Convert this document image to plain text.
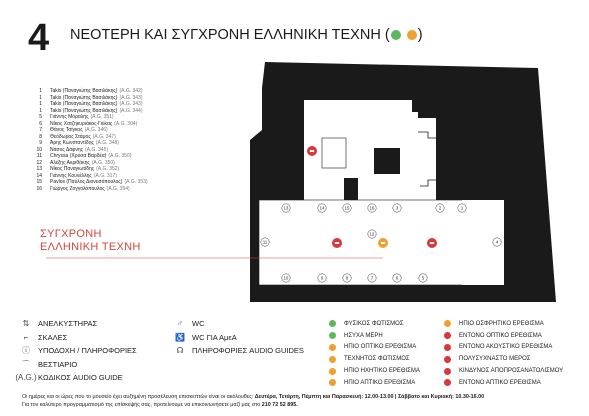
4 ΝΕΟΤΕΡΗ ΚΑΙ ΣΥΓΧΡΟΝΗ ΕΛΛΗΝΙΚΗ ΤΕΧΝΗ ( )
1 Takis (Παναγιώτης Βασιλάκης) (A.G. 342)
1 Takis (Παναγιώτης Βασιλάκης) (A.G. 343)
1 Takis (Παναγιώτης Βασιλάκης) (A.G. 343)
1 Takis (Παναγιώτης Βασιλάκης) (A.G. 344)
5 Γιάννης Μόραλης (A.G. 351)
6 Νίκος Χατζηκυριάκος-Γκίκας (A.G. 304)
7 Θάνος Τσίγκος (A.G. 346)
8 Θεόδωρος Στάμος (A.G. 347)
9 Άρης Κωνσταντίδης (A.G. 348)
10 Νάσος Δάφνης (A.G. 345)
11 Chryssa (Χρύσα Βαρδέα) (A.G. 350)
12 Αλέξης Ακριθάκης (A.G. 350)
13 Νίκος Παναγιωτίδης (A.G. 352)
14 Γιάννης Κουνέλλης (A.G. 317)
15 Pavlos (Παύλος Διονυσόπουλος) (A.G. 353)
16 Γιώργος Ζογγολόπουλος (A.G. 354)
13	14	15	16	3	2	1
10	9	8	7	6	5
11	4
12
ΣΥΓΧΡΟΝΗ
ΕΛΛΗΝΙΚΗ ΤΕΧΝΗ
⇅	ΑΝΕΛΚΥΣΤΗΡΑΣ
⌐	ΣΚΑΛΕΣ
ⓘ	ΥΠΟΔΟΧΗ / ΠΛΗΡΟΦΟΡΙΕΣ
⌒	ΒΕΣΤΙΑΡΙΟ
(A.G.) ΚΩΔΙΚΟΣ AUDIO GUIDE
♂	WC
♿ WC ΓΙΑ ΑμεΑ
☊	ΠΛΗΡΟΦΟΡΙΕΣ AUDIO GUIDES
ΦΥΣΙΚΟΣ ΦΩΤΙΣΜΟΣ
ΗΣΥΧΑ ΜΕΡΗ
ΗΠΙΟ ΟΠΤΙΚΟ ΕΡΕΘΙΣΜΑ
ΤΕΧΝΗΤΟΣ ΦΩΤΙΣΜΟΣ
ΗΠΙΟ ΗΧΗΤΙΚΟ ΕΡΕΘΙΣΜΑ
ΗΠΙΟ ΑΠΤΙΚΟ ΕΡΕΘΙΣΜΑ
ΗΠΙΟ ΟΣΦΡΗΤΙΚΟ ΕΡΕΘΙΣΜΑ
ΕΝΤΟΝΟ ΟΠΤΙΚΟ ΕΡΕΘΙΣΜΑ
ΕΝΤΟΝΟ ΑΚΟΥΣΤΙΚΟ ΕΡΕΘΙΣΜΑ
ΠΟΛΥΣΥΧΝΑΣΤΟ ΜΕΡΟΣ
ΚΙΝΔΥΝΟΣ ΑΠΟΠΡΟΣΑΝΑΤΟΛΙΣΜΟΥ
ΕΝΤΟΝΟ ΑΠΤΙΚΟ ΕΡΕΘΙΣΜΑ
Οι ημέρες και οι ώρες που το μουσείο έχει αυξημένη προσέλευση επισκεπτών είναι οι ακόλουθες: Δευτέρα, Τετάρτη, Πέμπτη και Παρασκευή: 12.00-13.00 | Σάββατο και Κυριακή: 10.30-16.00
Για τον καλύτερο προγραμματισμό της επίσκεψής σας, προτείνουμε να επικοινωνήσετε μαζί μας στο 210 72 52 895.
